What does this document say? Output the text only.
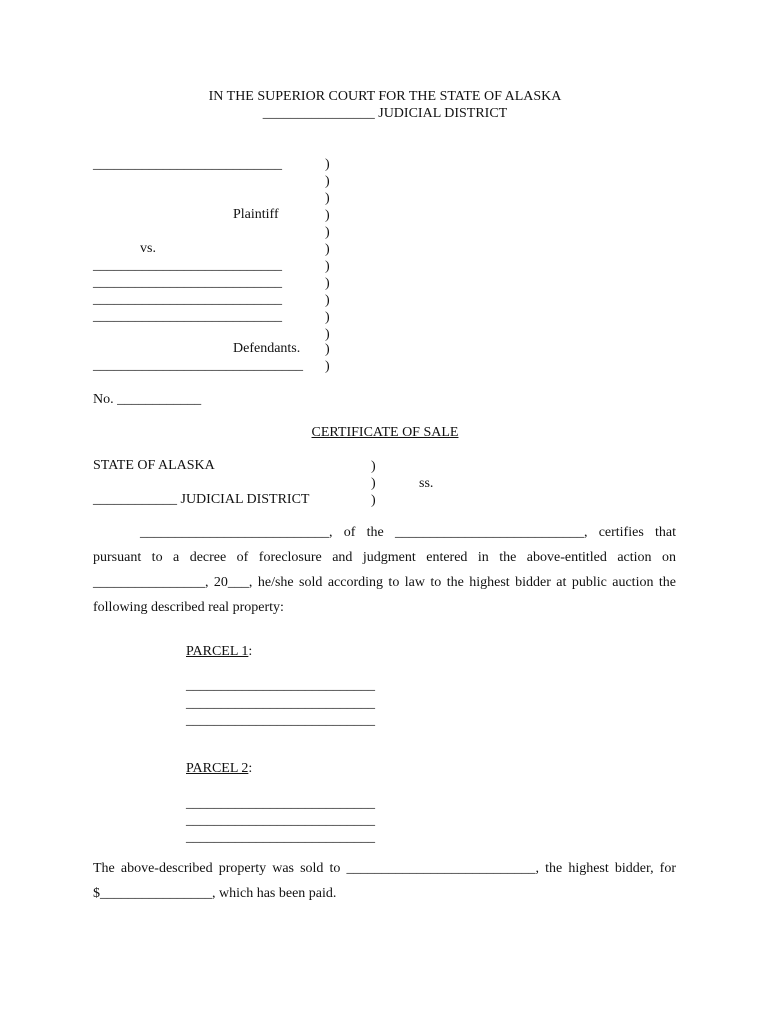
IN THE SUPERIOR COURT FOR THE STATE OF ALASKA
________________ JUDICIAL DISTRICT
___________________________
Plaintiff
vs.
___________________________
___________________________
___________________________
___________________________
Defendants.
______________________________
)
)
)
)
)
)
)
)
)
)
)
)
)
No. ____________
CERTIFICATE OF SALE
STATE OF ALASKA
____________ JUDICIAL DISTRICT
)
)
)
ss.

___________________________, of the ___________________________, certifies that pursuant to a decree of foreclosure and judgment entered in the above-entitled action on ________________, 20___, he/she sold according to law to the highest bidder at public auction the following described real property:

PARCEL 1:
___________________________
___________________________
___________________________
PARCEL 2:
___________________________
___________________________
___________________________

The above-described property was sold to ___________________________, the highest bidder, for $________________, which has been paid.
